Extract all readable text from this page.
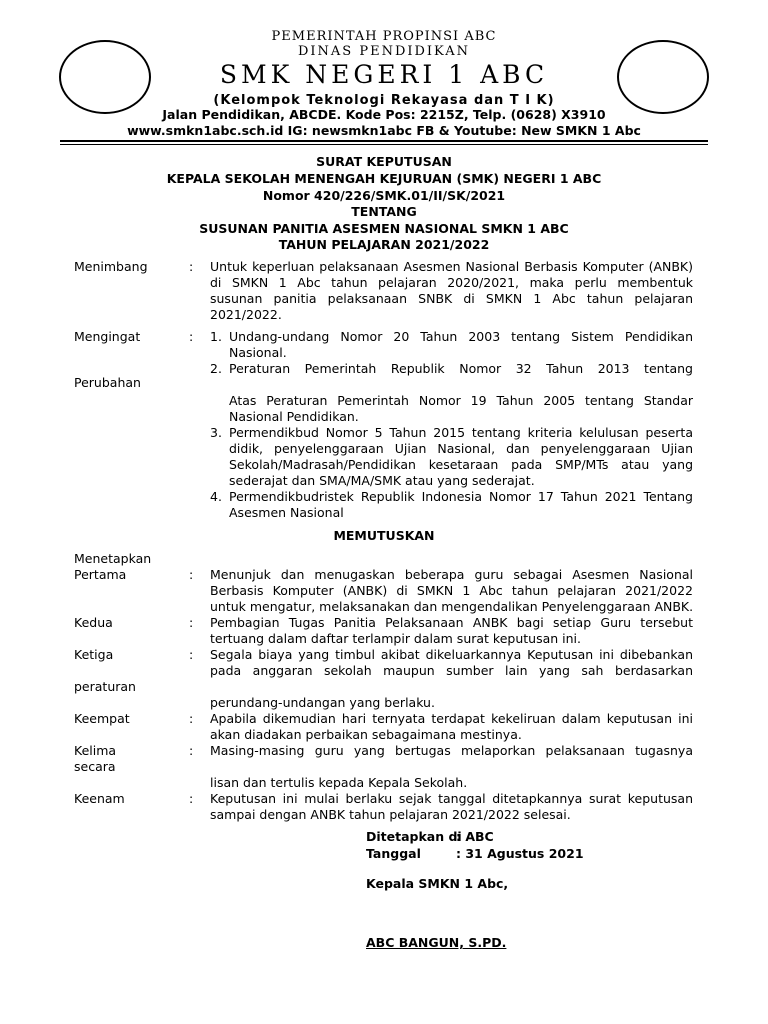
PEMERINTAH PROPINSI ABC
DINAS PENDIDIKAN
SMK NEGERI 1 ABC
(Kelompok Teknologi Rekayasa dan T I K)
Jalan Pendidikan, ABCDE. Kode Pos: 2215Z, Telp. (0628) X3910
www.smkn1abc.sch.id IG: newsmkn1abc FB & Youtube: New SMKN 1 Abc
SURAT KEPUTUSAN
KEPALA SEKOLAH MENENGAH KEJURUAN (SMK) NEGERI 1 ABC
Nomor 420/226/SMK.01/II/SK/2021
TENTANG
SUSUNAN PANITIA ASESMEN NASIONAL SMKN 1 ABC
TAHUN PELAJARAN 2021/2022
Menimbang	: Untuk keperluan pelaksanaan Asesmen Nasional Berbasis Komputer (ANBK)
di SMKN 1 Abc tahun pelajaran 2020/2021, maka perlu membentuk
susunan panitia pelaksanaan SNBK di SMKN 1 Abc tahun pelajaran
2021/2022.
Mengingat	: 1. Undang-undang Nomor 20 Tahun 2003 tentang Sistem Pendidikan
Nasional.
2. Peraturan Pemerintah Republik Nomor 32 Tahun 2013 tentang
Perubahan
Atas Peraturan Pemerintah Nomor 19 Tahun 2005 tentang Standar
Nasional Pendidikan.
3. Permendikbud Nomor 5 Tahun 2015 tentang kriteria kelulusan peserta
didik, penyelenggaraan Ujian Nasional, dan penyelenggaraan Ujian
Sekolah/Madrasah/Pendidikan kesetaraan pada SMP/MTs atau yang
sederajat dan SMA/MA/SMK atau yang sederajat.
4. Permendikbudristek Republik Indonesia Nomor 17 Tahun 2021 Tentang
Asesmen Nasional
MEMUTUSKAN
Menetapkan
Pertama	: Menunjuk dan menugaskan beberapa guru sebagai Asesmen Nasional
Berbasis Komputer (ANBK) di SMKN 1 Abc tahun pelajaran 2021/2022
untuk mengatur, melaksanakan dan mengendalikan Penyelenggaraan ANBK.
Kedua	: Pembagian Tugas Panitia Pelaksanaan ANBK bagi setiap Guru tersebut
tertuang dalam daftar terlampir dalam surat keputusan ini.
Ketiga	: Segala biaya yang timbul akibat dikeluarkannya Keputusan ini dibebankan
pada anggaran sekolah maupun sumber lain yang sah berdasarkan
peraturan
perundang-undangan yang berlaku.
Keempat	: Apabila dikemudian hari ternyata terdapat kekeliruan dalam keputusan ini
akan diadakan perbaikan sebagaimana mestinya.
Kelima	: Masing-masing guru yang bertugas melaporkan pelaksanaan tugasnya
secara
lisan dan tertulis kepada Kepala Sekolah.
Keenam	: Keputusan ini mulai berlaku sejak tanggal ditetapkannya surat keputusan
sampai dengan ANBK tahun pelajaran 2021/2022 selesai.
Ditetapkan di
: ABC
Tanggal	: 31 Agustus 2021
Kepala SMKN 1 Abc,
ABC BANGUN, S.PD.
